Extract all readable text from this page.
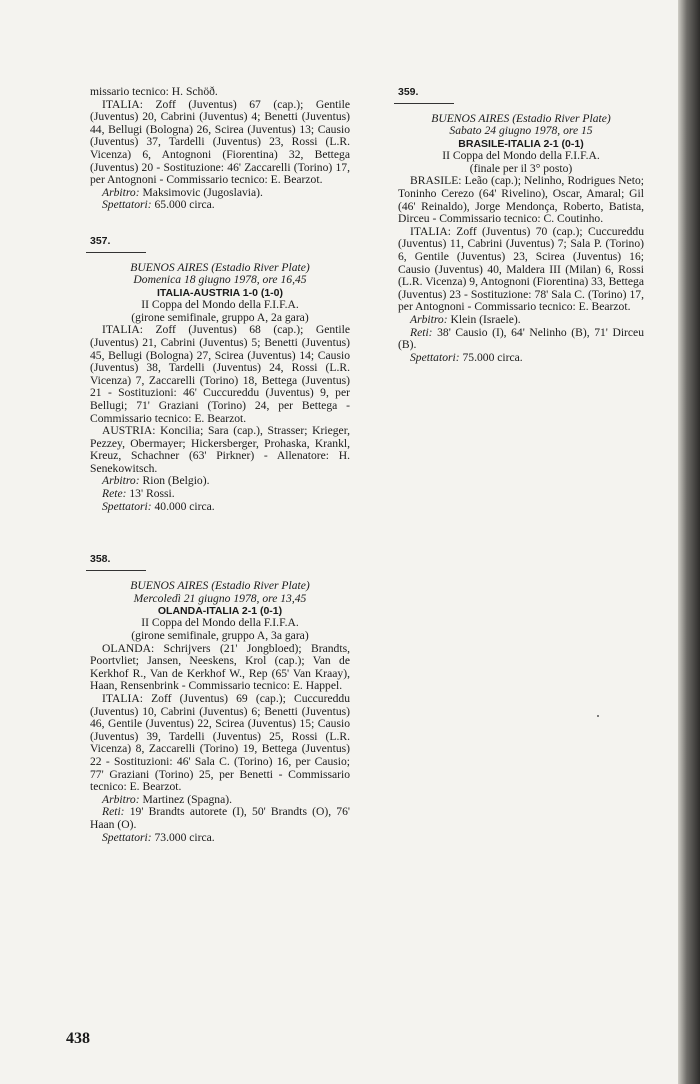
missario tecnico: H. Schöð.

ITALIA: Zoff (Juventus) 67 (cap.); Gentile (Juventus) 20, Cabrini (Juventus) 4; Benetti (Juventus) 44, Bellugi (Bologna) 26, Scirea (Juventus) 13; Causio (Juventus) 37, Tardelli (Juventus) 23, Rossi (L.R. Vicenza) 6, Antognoni (Fiorentina) 32, Bettega (Juventus) 20 - Sostituzione: 46' Zaccarelli (Torino) 17, per Antognoni - Commissario tecnico: E. Bearzot.

Arbitro: Maksimovic (Jugoslavia).

Spettatori: 65.000 circa.

357.
BUENOS AIRES (Estadio River Plate)
Domenica 18 giugno 1978, ore 16,45
ITALIA-AUSTRIA 1-0 (1-0)
II Coppa del Mondo della F.I.F.A.
(girone semifinale, gruppo A, 2a gara)

ITALIA: Zoff (Juventus) 68 (cap.); Gentile (Juventus) 21, Cabrini (Juventus) 5; Benetti (Juventus) 45, Bellugi (Bologna) 27, Scirea (Juventus) 14; Causio (Juventus) 38, Tardelli (Juventus) 24, Rossi (L.R. Vicenza) 7, Zaccarelli (Torino) 18, Bettega (Juventus) 21 - Sostituzioni: 46' Cuccureddu (Juventus) 9, per Bellugi; 71' Graziani (Torino) 24, per Bettega - Commissario tecnico: E. Bearzot.

AUSTRIA: Koncilia; Sara (cap.), Strasser; Krieger, Pezzey, Obermayer; Hickersberger, Prohaska, Krankl, Kreuz, Schachner (63' Pirkner) - Allenatore: H. Senekowitsch.

Arbitro: Rion (Belgio).

Rete: 13' Rossi.

Spettatori: 40.000 circa.

358.
BUENOS AIRES (Estadio River Plate)
Mercoledì 21 giugno 1978, ore 13,45
OLANDA-ITALIA 2-1 (0-1)
II Coppa del Mondo della F.I.F.A.
(girone semifinale, gruppo A, 3a gara)

OLANDA: Schrijvers (21' Jongbloed); Brandts, Poortvliet; Jansen, Neeskens, Krol (cap.); Van de Kerkhof R., Van de Kerkhof W., Rep (65' Van Kraay), Haan, Rensenbrink - Commissario tecnico: E. Happel.

ITALIA: Zoff (Juventus) 69 (cap.); Cuccureddu (Juventus) 10, Cabrini (Juventus) 6; Benetti (Juventus) 46, Gentile (Juventus) 22, Scirea (Juventus) 15; Causio (Juventus) 39, Tardelli (Juventus) 25, Rossi (L.R. Vicenza) 8, Zaccarelli (Torino) 19, Bettega (Juventus) 22 - Sostituzioni: 46' Sala C. (Torino) 16, per Causio; 77' Graziani (Torino) 25, per Benetti - Commissario tecnico: E. Bearzot.

Arbitro: Martinez (Spagna).

Reti: 19' Brandts autorete (I), 50' Brandts (O), 76' Haan (O).

Spettatori: 73.000 circa.

359.
BUENOS AIRES (Estadio River Plate)
Sabato 24 giugno 1978, ore 15
BRASILE-ITALIA 2-1 (0-1)
II Coppa del Mondo della F.I.F.A.
(finale per il 3° posto)

BRASILE: Leão (cap.); Nelinho, Rodrigues Neto; Toninho Cerezo (64' Rivelino), Oscar, Amaral; Gil (46' Reinaldo), Jorge Mendonça, Roberto, Batista, Dirceu - Commissario tecnico: C. Coutinho.

ITALIA: Zoff (Juventus) 70 (cap.); Cuccureddu (Juventus) 11, Cabrini (Juventus) 7; Sala P. (Torino) 6, Gentile (Juventus) 23, Scirea (Juventus) 16; Causio (Juventus) 40, Maldera III (Milan) 6, Rossi (L.R. Vicenza) 9, Antognoni (Fiorentina) 33, Bettega (Juventus) 23 - Sostituzione: 78' Sala C. (Torino) 17, per Antognoni - Commissario tecnico: E. Bearzot.

Arbitro: Klein (Israele).

Reti: 38' Causio (I), 64' Nelinho (B), 71' Dirceu (B).

Spettatori: 75.000 circa.

438
